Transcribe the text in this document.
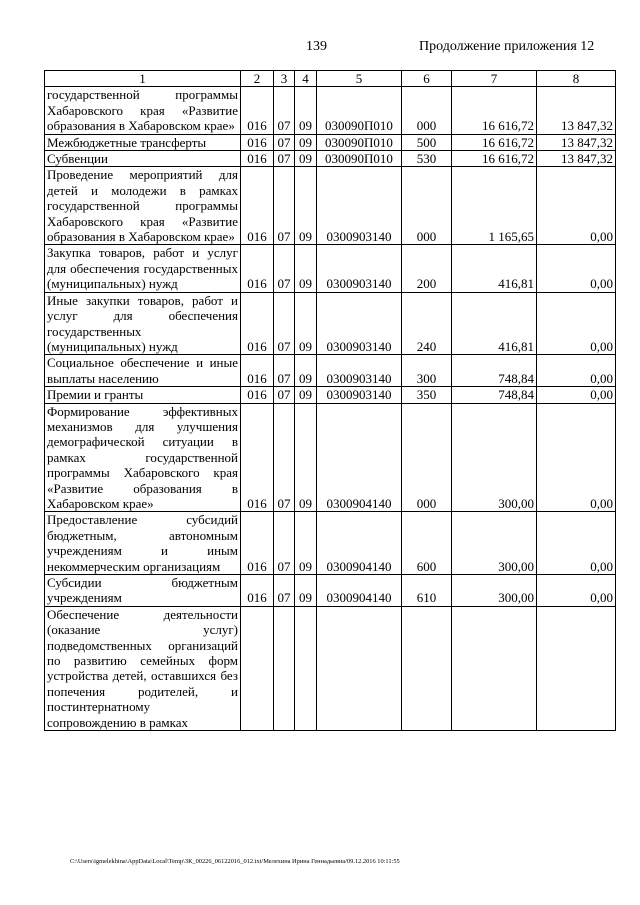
139	Продолжение приложения 12
1	2	3	4	5	6	7	8
государственной программы Хабаровского края «Развитие образования в Хабаровском крае»	016	07	09	030090П010	000	16 616,72	13 847,32
Межбюджетные трансферты	016	07	09	030090П010	500	16 616,72	13 847,32
Субвенции	016	07	09	030090П010	530	16 616,72	13 847,32
Проведение мероприятий для детей и молодежи в рамках государственной программы Хабаровского края «Развитие образования в Хабаровском крае»	016	07	09	0300903140	000	1 165,65	0,00
Закупка товаров, работ и услуг для обеспечения государственных (муниципальных) нужд	016	07	09	0300903140	200	416,81	0,00
Иные закупки товаров, работ и услуг для обеспечения государственных (муниципальных) нужд	016	07	09	0300903140	240	416,81	0,00
Социальное обеспечение и иные выплаты населению	016	07	09	0300903140	300	748,84	0,00
Премии и гранты	016	07	09	0300903140	350	748,84	0,00
Формирование эффективных механизмов для улучшения демографической ситуации в рамках государственной программы Хабаровского края «Развитие образования в Хабаровском крае»	016	07	09	0300904140	000	300,00	0,00
Предоставление субсидий бюджетным, автономным учреждениям и иным некоммерческим организациям	016	07	09	0300904140	600	300,00	0,00
Субсидии бюджетным учреждениям	016	07	09	0300904140	610	300,00	0,00
Обеспечение деятельности (оказание услуг) подведомственных организаций по развитию семейных форм устройства детей, оставшихся без попечения родителей, и постинтернатному сопровождению в рамках							
C:\Users\igmelekhina\AppData\Local\Temp\ЗК_00226_06122016_012.txt/Мелехина Ирина Геннадьевна/09.12.2016 10:11:55
